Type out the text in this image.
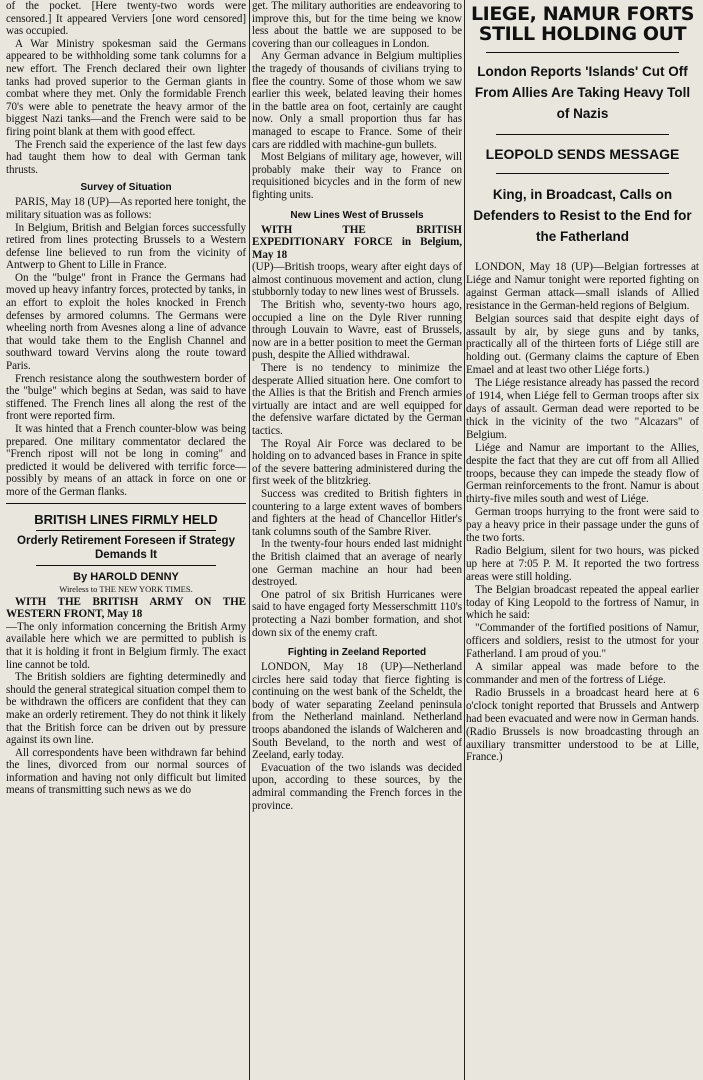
of the pocket. [Here twenty-two words were censored.] It appeared Verviers [one word censored] was occupied.

A War Ministry spokesman said the Germans appeared to be withholding some tank columns for a new effort. The French declared their own lighter tanks had proved superior to the German giants in combat where they met. Only the formidable French 70's were able to penetrate the heavy armor of the biggest Nazi tanks—and the French were said to be firing point blank at them with good effect.

The French said the experience of the last few days had taught them how to deal with German tank thrusts.

Survey of Situation

PARIS, May 18 (UP)—As reported here tonight, the military situation was as follows:

In Belgium, British and Belgian forces successfully retired from lines protecting Brussels to a Western defense line believed to run from the vicinity of Antwerp to Ghent to Lille in France.

On the "bulge" front in France the Germans had moved up heavy infantry forces, protected by tanks, in an effort to exploit the holes knocked in French defenses by armored columns. The Germans were wheeling north from Avesnes along a line of advance that would take them to the English Channel and southward toward Vervins along the route toward Paris.

French resistance along the southwestern border of the "bulge" which begins at Sedan, was said to have stiffened. The French lines all along the rest of the front were reported firm.

It was hinted that a French counter-blow was being prepared. One military commentator declared the "French ripost will not be long in coming" and predicted it would be delivered with terrific force—possibly by means of an attack in force on one or more of the German flanks.

BRITISH LINES FIRMLY HELD
Orderly Retirement Foreseen if Strategy Demands It
By HAROLD DENNY
Wireless to THE NEW YORK TIMES.

WITH THE BRITISH ARMY ON THE WESTERN FRONT, May 18

—The only information concerning the British Army available here which we are permitted to publish is that it is holding it front in Belgium firmly. The exact line cannot be told.

The British soldiers are fighting determinedly and should the general strategical situation compel them to be withdrawn the officers are confident that they can make an orderly retirement. They do not think it likely that the British force can be driven out by pressure against its own line.

All correspondents have been withdrawn far behind the lines, divorced from our normal sources of information and having not only difficult but limited means of transmitting such news as we do

get. The military authorities are endeavoring to improve this, but for the time being we know less about the battle we are supposed to be covering than our colleagues in London.

Any German advance in Belgium multiplies the tragedy of thousands of civilians trying to flee the country. Some of those whom we saw earlier this week, belated leaving their homes in the battle area on foot, certainly are caught now. Only a small proportion thus far has managed to escape to France. Some of their cars are riddled with machine-gun bullets.

Most Belgians of military age, however, will probably make their way to France on requisitioned bicycles and in the form of new fighting units.

New Lines West of Brussels

WITH THE BRITISH EXPEDITIONARY FORCE in Belgium, May 18

(UP)—British troops, weary after eight days of almost continuous movement and action, clung stubbornly today to new lines west of Brussels.

The British who, seventy-two hours ago, occupied a line on the Dyle River running through Louvain to Wavre, east of Brussels, now are in a better position to meet the German push, despite the Allied withdrawal.

There is no tendency to minimize the desperate Allied situation here. One comfort to the Allies is that the British and French armies virtually are intact and are well equipped for the defensive warfare dictated by the German tactics.

The Royal Air Force was declared to be holding on to advanced bases in France in spite of the severe battering administered during the first week of the blitzkrieg.

Success was credited to British fighters in countering to a large extent waves of bombers and fighters at the head of Chancellor Hitler's tank columns south of the Sambre River.

In the twenty-four hours ended last midnight the British claimed that an average of nearly one German machine an hour had been destroyed.

One patrol of six British Hurricanes were said to have engaged forty Messerschmitt 110's protecting a Nazi bomber formation, and shot down six of the enemy craft.

Fighting in Zeeland Reported

LONDON, May 18 (UP)—Netherland circles here said today that fierce fighting is continuing on the west bank of the Scheldt, the body of water separating Zeeland peninsula from the Netherland mainland. Netherland troops abandoned the islands of Walcheren and South Beveland, to the north and west of Zeeland, early today.

Evacuation of the two islands was decided upon, according to these sources, by the admiral commanding the French forces in the province.

LIEGE, NAMUR FORTS STILL HOLDING OUT
London Reports 'Islands' Cut Off From Allies Are Taking Heavy Toll of Nazis
LEOPOLD SENDS MESSAGE
King, in Broadcast, Calls on Defenders to Resist to the End for the Fatherland

LONDON, May 18 (UP)—Belgian fortresses at Liége and Namur tonight were reported fighting on against German attack—small islands of Allied resistance in the German-held regions of Belgium.

Belgian sources said that despite eight days of assault by air, by siege guns and by tanks, practically all of the thirteen forts of Liége still are holding out. (Germany claims the capture of Eben Emael and at least two other Liége forts.)

The Liége resistance already has passed the record of 1914, when Liége fell to German troops after six days of assault. German dead were reported to be thick in the vicinity of the two "Alcazars" of Belgium.

Liége and Namur are important to the Allies, despite the fact that they are cut off from all Allied troops, because they can impede the steady flow of German reinforcements to the front. Namur is about thirty-five miles south and west of Liége.

German troops hurrying to the front were said to pay a heavy price in their passage under the guns of the two forts.

Radio Belgium, silent for two hours, was picked up here at 7:05 P. M. It reported the two fortress areas were still holding.

The Belgian broadcast repeated the appeal earlier today of King Leopold to the fortress of Namur, in which he said:

"Commander of the fortified positions of Namur, officers and soldiers, resist to the utmost for your Fatherland. I am proud of you."

A similar appeal was made before to the commander and men of the fortress of Liége.

Radio Brussels in a broadcast heard here at 6 o'clock tonight reported that Brussels and Antwerp had been evacuated and were now in German hands. (Radio Brussels is now broadcasting through an auxiliary transmitter understood to be at Lille, France.)
